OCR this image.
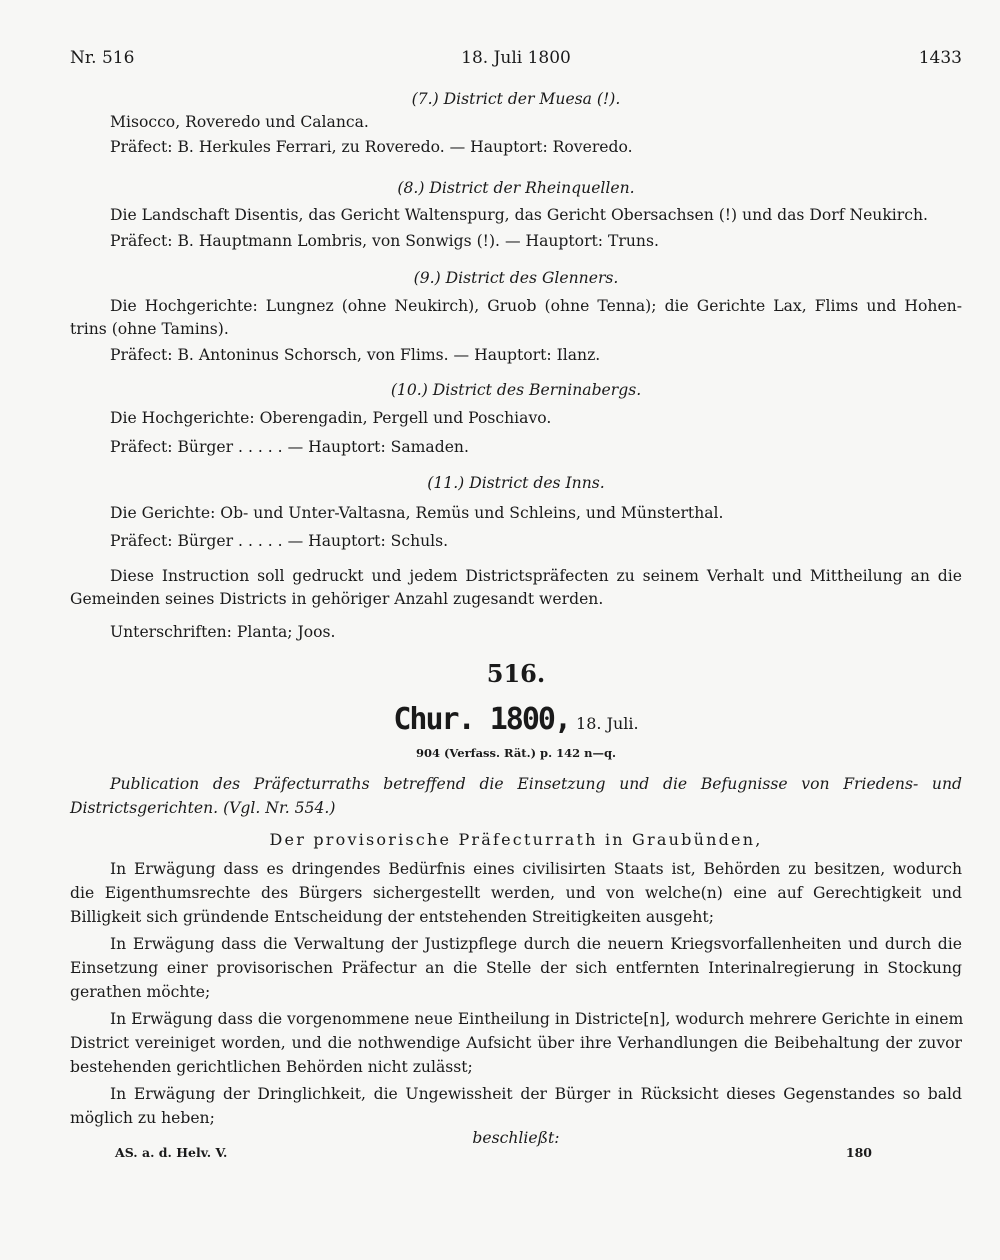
Nr. 516	18. Juli 1800	1433
(7.) District der Muesa (!).
Misocco, Roveredo und Calanca.
Präfect: B. Herkules Ferrari, zu Roveredo. — Hauptort: Roveredo.
(8.) District der Rheinquellen.
Die Landschaft Disentis, das Gericht Waltenspurg, das Gericht Obersachsen (!) und das Dorf Neukirch.
Präfect: B. Hauptmann Lombris, von Sonwigs (!). — Hauptort: Truns.
(9.) District des Glenners.
Die Hochgerichte: Lungnez (ohne Neukirch), Gruob (ohne Tenna); die Gerichte Lax, Flims und Hohen-
trins (ohne Tamins).
Präfect: B. Antoninus Schorsch, von Flims. — Hauptort: Ilanz.
(10.) District des Berninabergs.
Die Hochgerichte: Oberengadin, Pergell und Poschiavo.
Präfect: Bürger . . . . . — Hauptort: Samaden.
(11.) District des Inns.
Die Gerichte: Ob- und Unter-Valtasna, Remüs und Schleins, und Münsterthal.
Präfect: Bürger . . . . . — Hauptort: Schuls.
Diese Instruction soll gedruckt und jedem Districtspräfecten zu seinem Verhalt und Mittheilung an die
Gemeinden seines Districts in gehöriger Anzahl zugesandt werden.
Unterschriften: Planta; Joos.
516.
Chur. 1800, 18. Juli.
904 (Verfass. Rät.) p. 142 n—q.
Publication des Präfecturraths betreffend die Einsetzung und die Befugnisse von Friedens- und
Districtsgerichten. (Vgl. Nr. 554.)
Der provisorische Präfecturrath in Graubünden,
In Erwägung dass es dringendes Bedürfnis eines civilisirten Staats ist, Behörden zu besitzen, wodurch
die Eigenthumsrechte des Bürgers sichergestellt werden, und von welche(n) eine auf Gerechtigkeit und
Billigkeit sich gründende Entscheidung der entstehenden Streitigkeiten ausgeht;
In Erwägung dass die Verwaltung der Justizpflege durch die neuern Kriegsvorfallenheiten und durch die
Einsetzung einer provisorischen Präfectur an die Stelle der sich entfernten Interinalregierung in Stockung
gerathen möchte;
In Erwägung dass die vorgenommene neue Eintheilung in Districte[n], wodurch mehrere Gerichte in einem
District vereiniget worden, und die nothwendige Aufsicht über ihre Verhandlungen die Beibehaltung der zuvor
bestehenden gerichtlichen Behörden nicht zulässt;
In Erwägung der Dringlichkeit, die Ungewissheit der Bürger in Rücksicht dieses Gegenstandes so bald
möglich zu heben;
beschließt:
AS. a. d. Helv. V.	180
